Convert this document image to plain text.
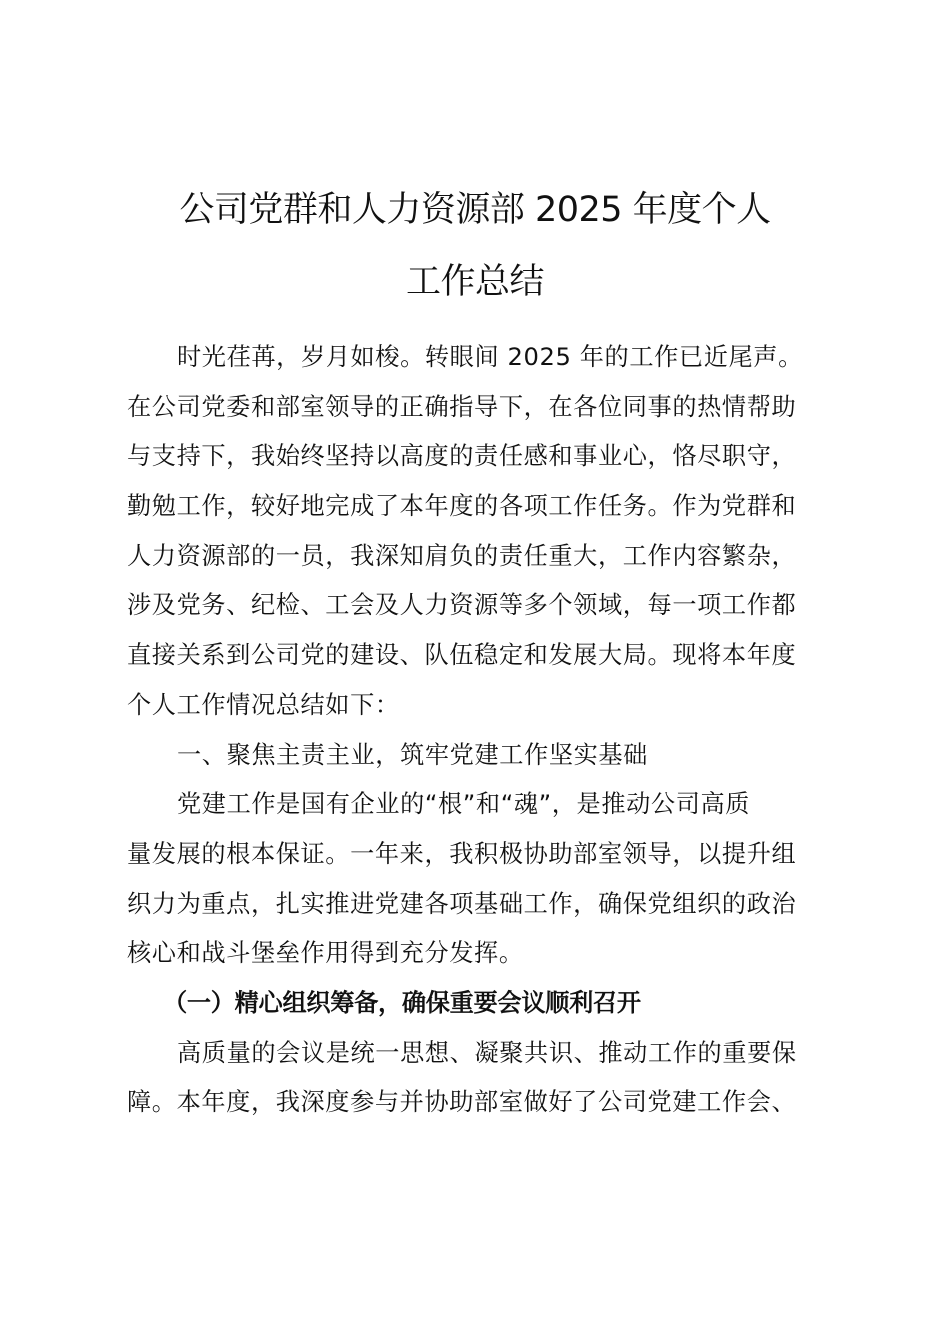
公司党群和人力资源部 2025 年度个人
工作总结
时光荏苒，岁月如梭。转眼间 2025 年的工作已近尾声。
在公司党委和部室领导的正确指导下，在各位同事的热情帮助
与支持下，我始终坚持以高度的责任感和事业心，恪尽职守，
勤勉工作，较好地完成了本年度的各项工作任务。作为党群和
人力资源部的一员，我深知肩负的责任重大，工作内容繁杂，
涉及党务、纪检、工会及人力资源等多个领域，每一项工作都
直接关系到公司党的建设、队伍稳定和发展大局。现将本年度
个人工作情况总结如下：
一、聚焦主责主业，筑牢党建工作坚实基础
党建工作是国有企业的“根”和“魂”，是推动公司高质
量发展的根本保证。一年来，我积极协助部室领导，以提升组
织力为重点，扎实推进党建各项基础工作，确保党组织的政治
核心和战斗堡垒作用得到充分发挥。
（一）精心组织筹备，确保重要会议顺利召开
高质量的会议是统一思想、凝聚共识、推动工作的重要保
障。本年度，我深度参与并协助部室做好了公司党建工作会、
